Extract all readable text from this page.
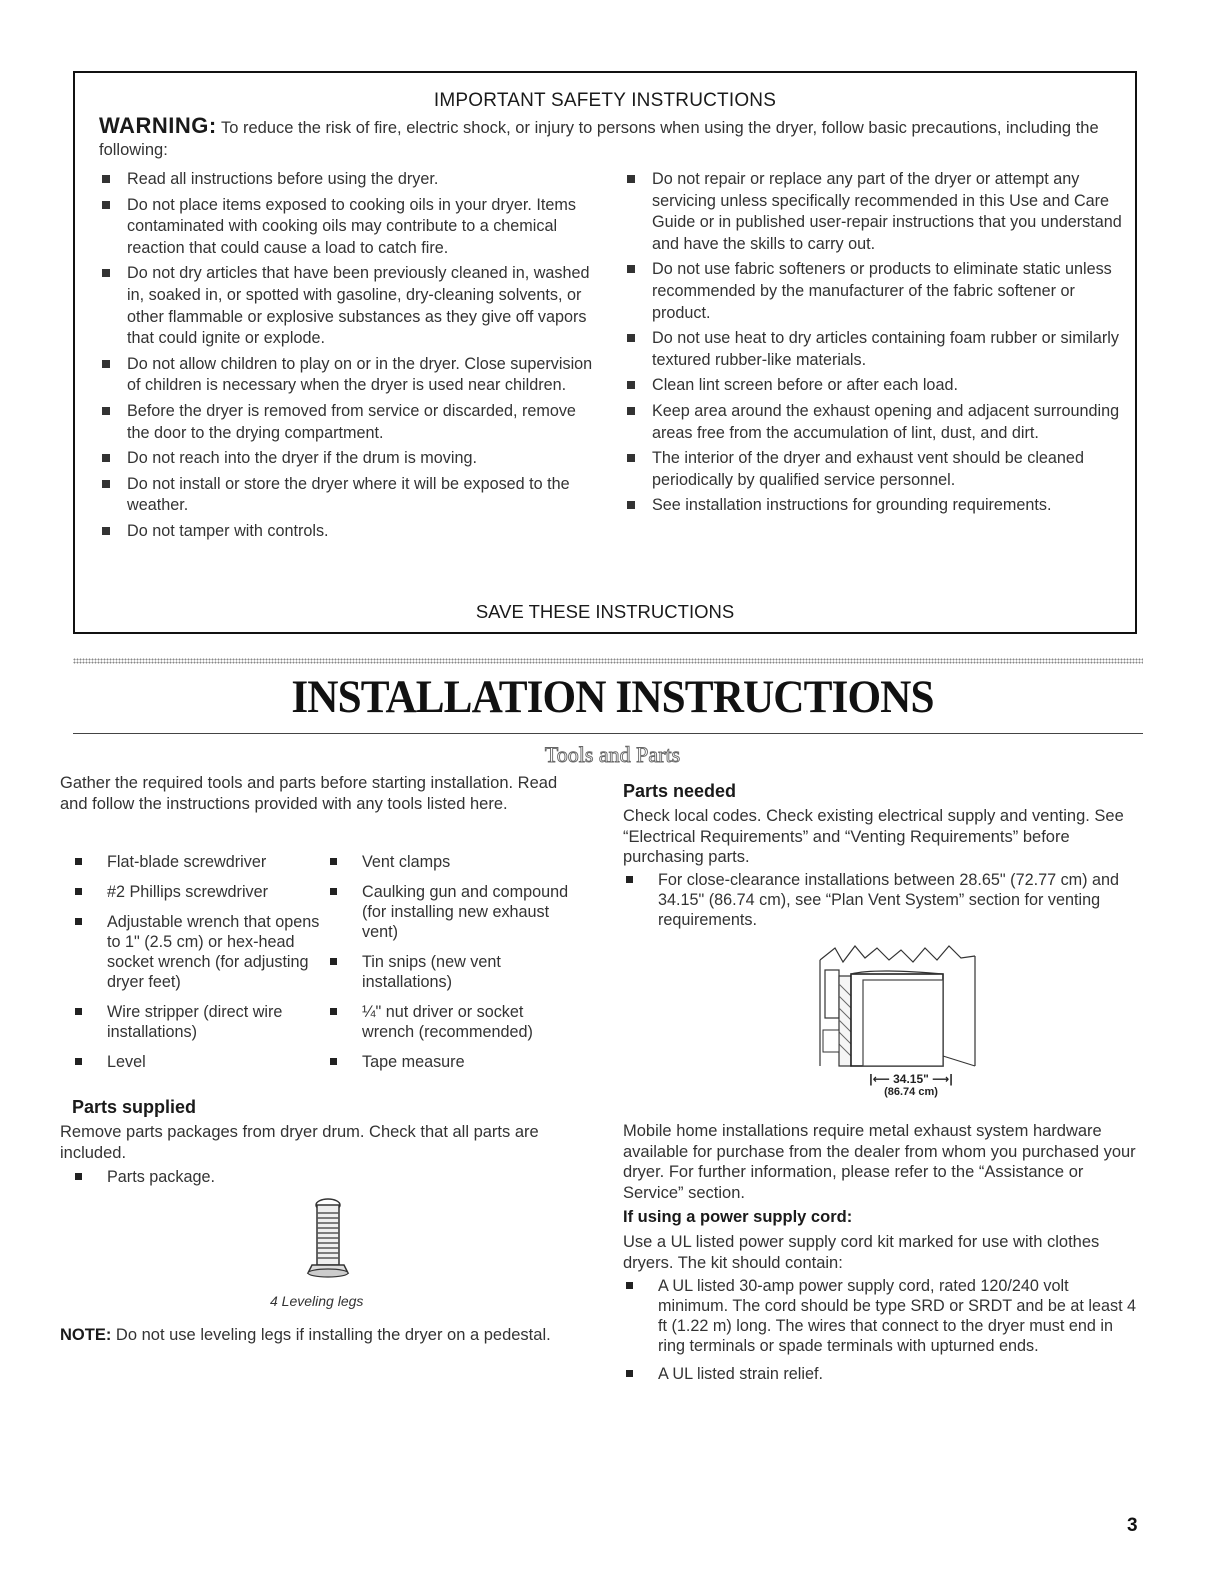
IMPORTANT SAFETY INSTRUCTIONS
WARNING: To reduce the risk of fire, electric shock, or injury to persons when using the dryer, follow basic precautions, including the following:
Read all instructions before using the dryer.
Do not place items exposed to cooking oils in your dryer. Items contaminated with cooking oils may contribute to a chemical reaction that could cause a load to catch fire.
Do not dry articles that have been previously cleaned in, washed in, soaked in, or spotted with gasoline, dry-cleaning solvents, or other flammable or explosive substances as they give off vapors that could ignite or explode.
Do not allow children to play on or in the dryer. Close supervision of children is necessary when the dryer is used near children.
Before the dryer is removed from service or discarded, remove the door to the drying compartment.
Do not reach into the dryer if the drum is moving.
Do not install or store the dryer where it will be exposed to the weather.
Do not tamper with controls.
Do not repair or replace any part of the dryer or attempt any servicing unless specifically recommended in this Use and Care Guide or in published user-repair instructions that you understand and have the skills to carry out.
Do not use fabric softeners or products to eliminate static unless recommended by the manufacturer of the fabric softener or product.
Do not use heat to dry articles containing foam rubber or similarly textured rubber-like materials.
Clean lint screen before or after each load.
Keep area around the exhaust opening and adjacent surrounding areas free from the accumulation of lint, dust, and dirt.
The interior of the dryer and exhaust vent should be cleaned periodically by qualified service personnel.
See installation instructions for grounding requirements.
SAVE THESE INSTRUCTIONS
INSTALLATION INSTRUCTIONS
Tools and Parts
Gather the required tools and parts before starting installation. Read and follow the instructions provided with any tools listed here.
Flat-blade screwdriver
#2 Phillips screwdriver
Adjustable wrench that opens to 1" (2.5 cm) or hex-head socket wrench (for adjusting dryer feet)
Wire stripper (direct wire installations)
Level
Vent clamps
Caulking gun and compound (for installing new exhaust vent)
Tin snips (new vent installations)
¼" nut driver or socket wrench (recommended)
Tape measure
Parts supplied
Remove parts packages from dryer drum. Check that all parts are included.
Parts package.
4 Leveling legs
NOTE: Do not use leveling legs if installing the dryer on a pedestal.
Parts needed
Check local codes. Check existing electrical supply and venting. See “Electrical Requirements” and “Venting Requirements” before purchasing parts.
For close-clearance installations between 28.65" (72.77 cm) and 34.15" (86.74 cm), see “Plan Vent System” section for venting requirements.
|⟵ 34.15" ⟶|
(86.74 cm)
Mobile home installations require metal exhaust system hardware available for purchase from the dealer from whom you purchased your dryer. For further information, please refer to the “Assistance or Service” section.
If using a power supply cord:
Use a UL listed power supply cord kit marked for use with clothes dryers. The kit should contain:
A UL listed 30-amp power supply cord, rated 120/240 volt minimum. The cord should be type SRD or SRDT and be at least 4 ft (1.22 m) long. The wires that connect to the dryer must end in ring terminals or spade terminals with upturned ends.
A UL listed strain relief.
3
